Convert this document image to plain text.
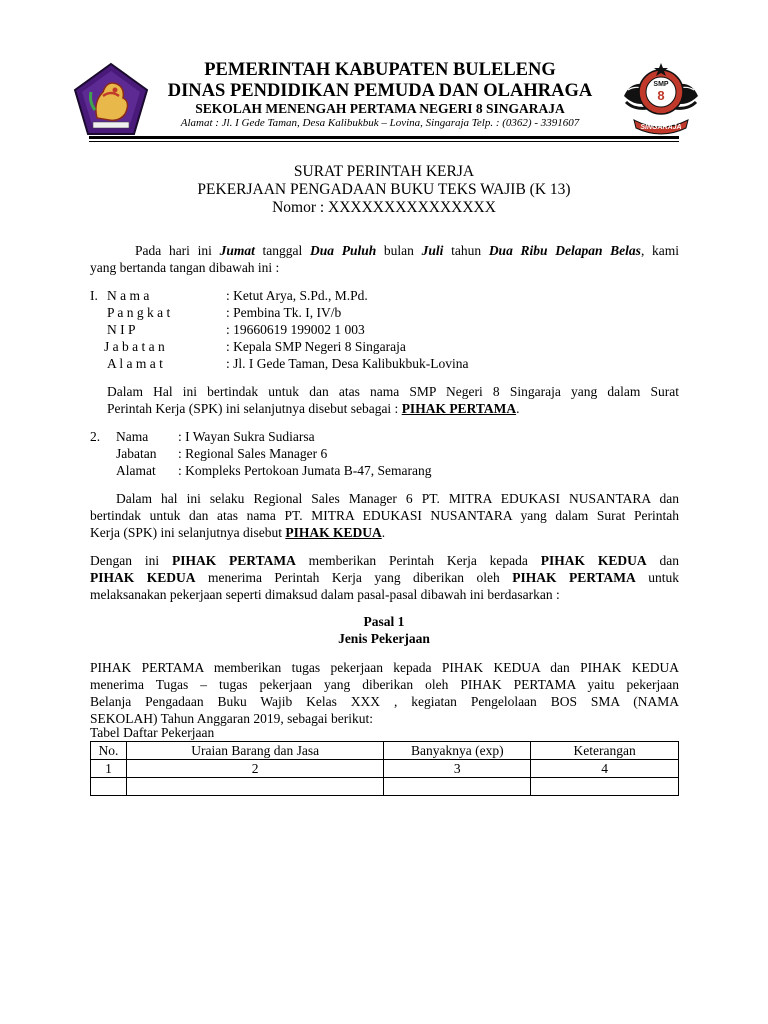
SMP
8
SINGARAJA
PEMERINTAH KABUPATEN BULELENG
DINAS PENDIDIKAN PEMUDA DAN OLAHRAGA
SEKOLAH MENENGAH PERTAMA NEGERI 8 SINGARAJA
Alamat : Jl. I Gede Taman, Desa Kalibukbuk – Lovina, Singaraja Telp. : (0362) - 3391607
SURAT PERINTAH KERJA
PEKERJAAN PENGADAAN BUKU TEKS WAJIB (K 13)
Nomor : XXXXXXXXXXXXXXX
Pada hari ini Jumat tanggal Dua Puluh bulan Juli tahun Dua Ribu Delapan Belas, kami
yang bertanda tangan dibawah ini :
I. N a m a	: Ketut Arya, S.Pd., M.Pd.
P a n g k a t	: Pembina Tk. I, IV/b
N I P	: 19660619 199002 1 003
J a b a t a n	: Kepala SMP Negeri 8 Singaraja
A l a m a t	: Jl. I Gede Taman, Desa Kalibukbuk-Lovina
Dalam Hal ini bertindak untuk dan atas nama SMP Negeri 8 Singaraja yang dalam Surat
Perintah Kerja (SPK) ini selanjutnya disebut sebagai : PIHAK PERTAMA.
2. Nama : I Wayan Sukra Sudiarsa
Jabatan : Regional Sales Manager 6
Alamat : Kompleks Pertokoan Jumata B-47, Semarang
Dalam hal ini selaku Regional Sales Manager 6 PT. MITRA EDUKASI NUSANTARA dan
bertindak untuk dan atas nama PT. MITRA EDUKASI NUSANTARA yang dalam Surat Perintah
Kerja (SPK) ini selanjutnya disebut PIHAK KEDUA.
Dengan ini PIHAK PERTAMA memberikan Perintah Kerja kepada PIHAK KEDUA dan
PIHAK KEDUA menerima Perintah Kerja yang diberikan oleh PIHAK PERTAMA untuk
melaksanakan pekerjaan seperti dimaksud dalam pasal-pasal dibawah ini berdasarkan :
Pasal 1
Jenis Pekerjaan
PIHAK PERTAMA memberikan tugas pekerjaan kepada PIHAK KEDUA dan PIHAK KEDUA
menerima Tugas – tugas pekerjaan yang diberikan oleh PIHAK PERTAMA yaitu pekerjaan
Belanja Pengadaan Buku Wajib Kelas XXX , kegiatan Pengelolaan BOS SMA (NAMA
SEKOLAH) Tahun Anggaran 2019, sebagai berikut:
Tabel Daftar Pekerjaan
No.	Uraian Barang dan Jasa	Banyaknya (exp)	Keterangan
1	2	3	4
